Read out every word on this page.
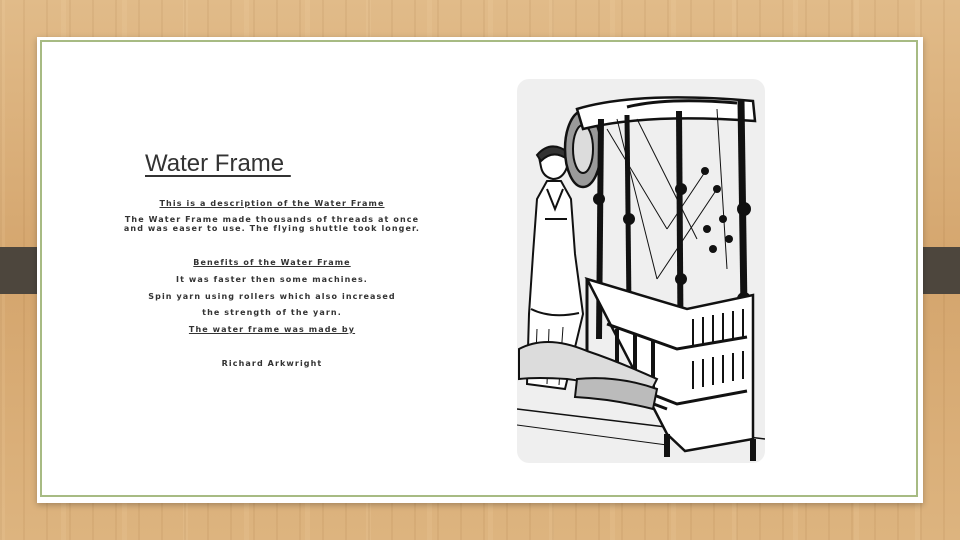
Water Frame
This is a description of the Water Frame
The Water Frame made thousands of threads at once
and was easer to use. The flying shuttle took longer.
Benefits of the Water Frame
It was faster then some machines.
Spin yarn using rollers which also increased
the strength of the yarn.
The water frame was made by
Richard Arkwright
